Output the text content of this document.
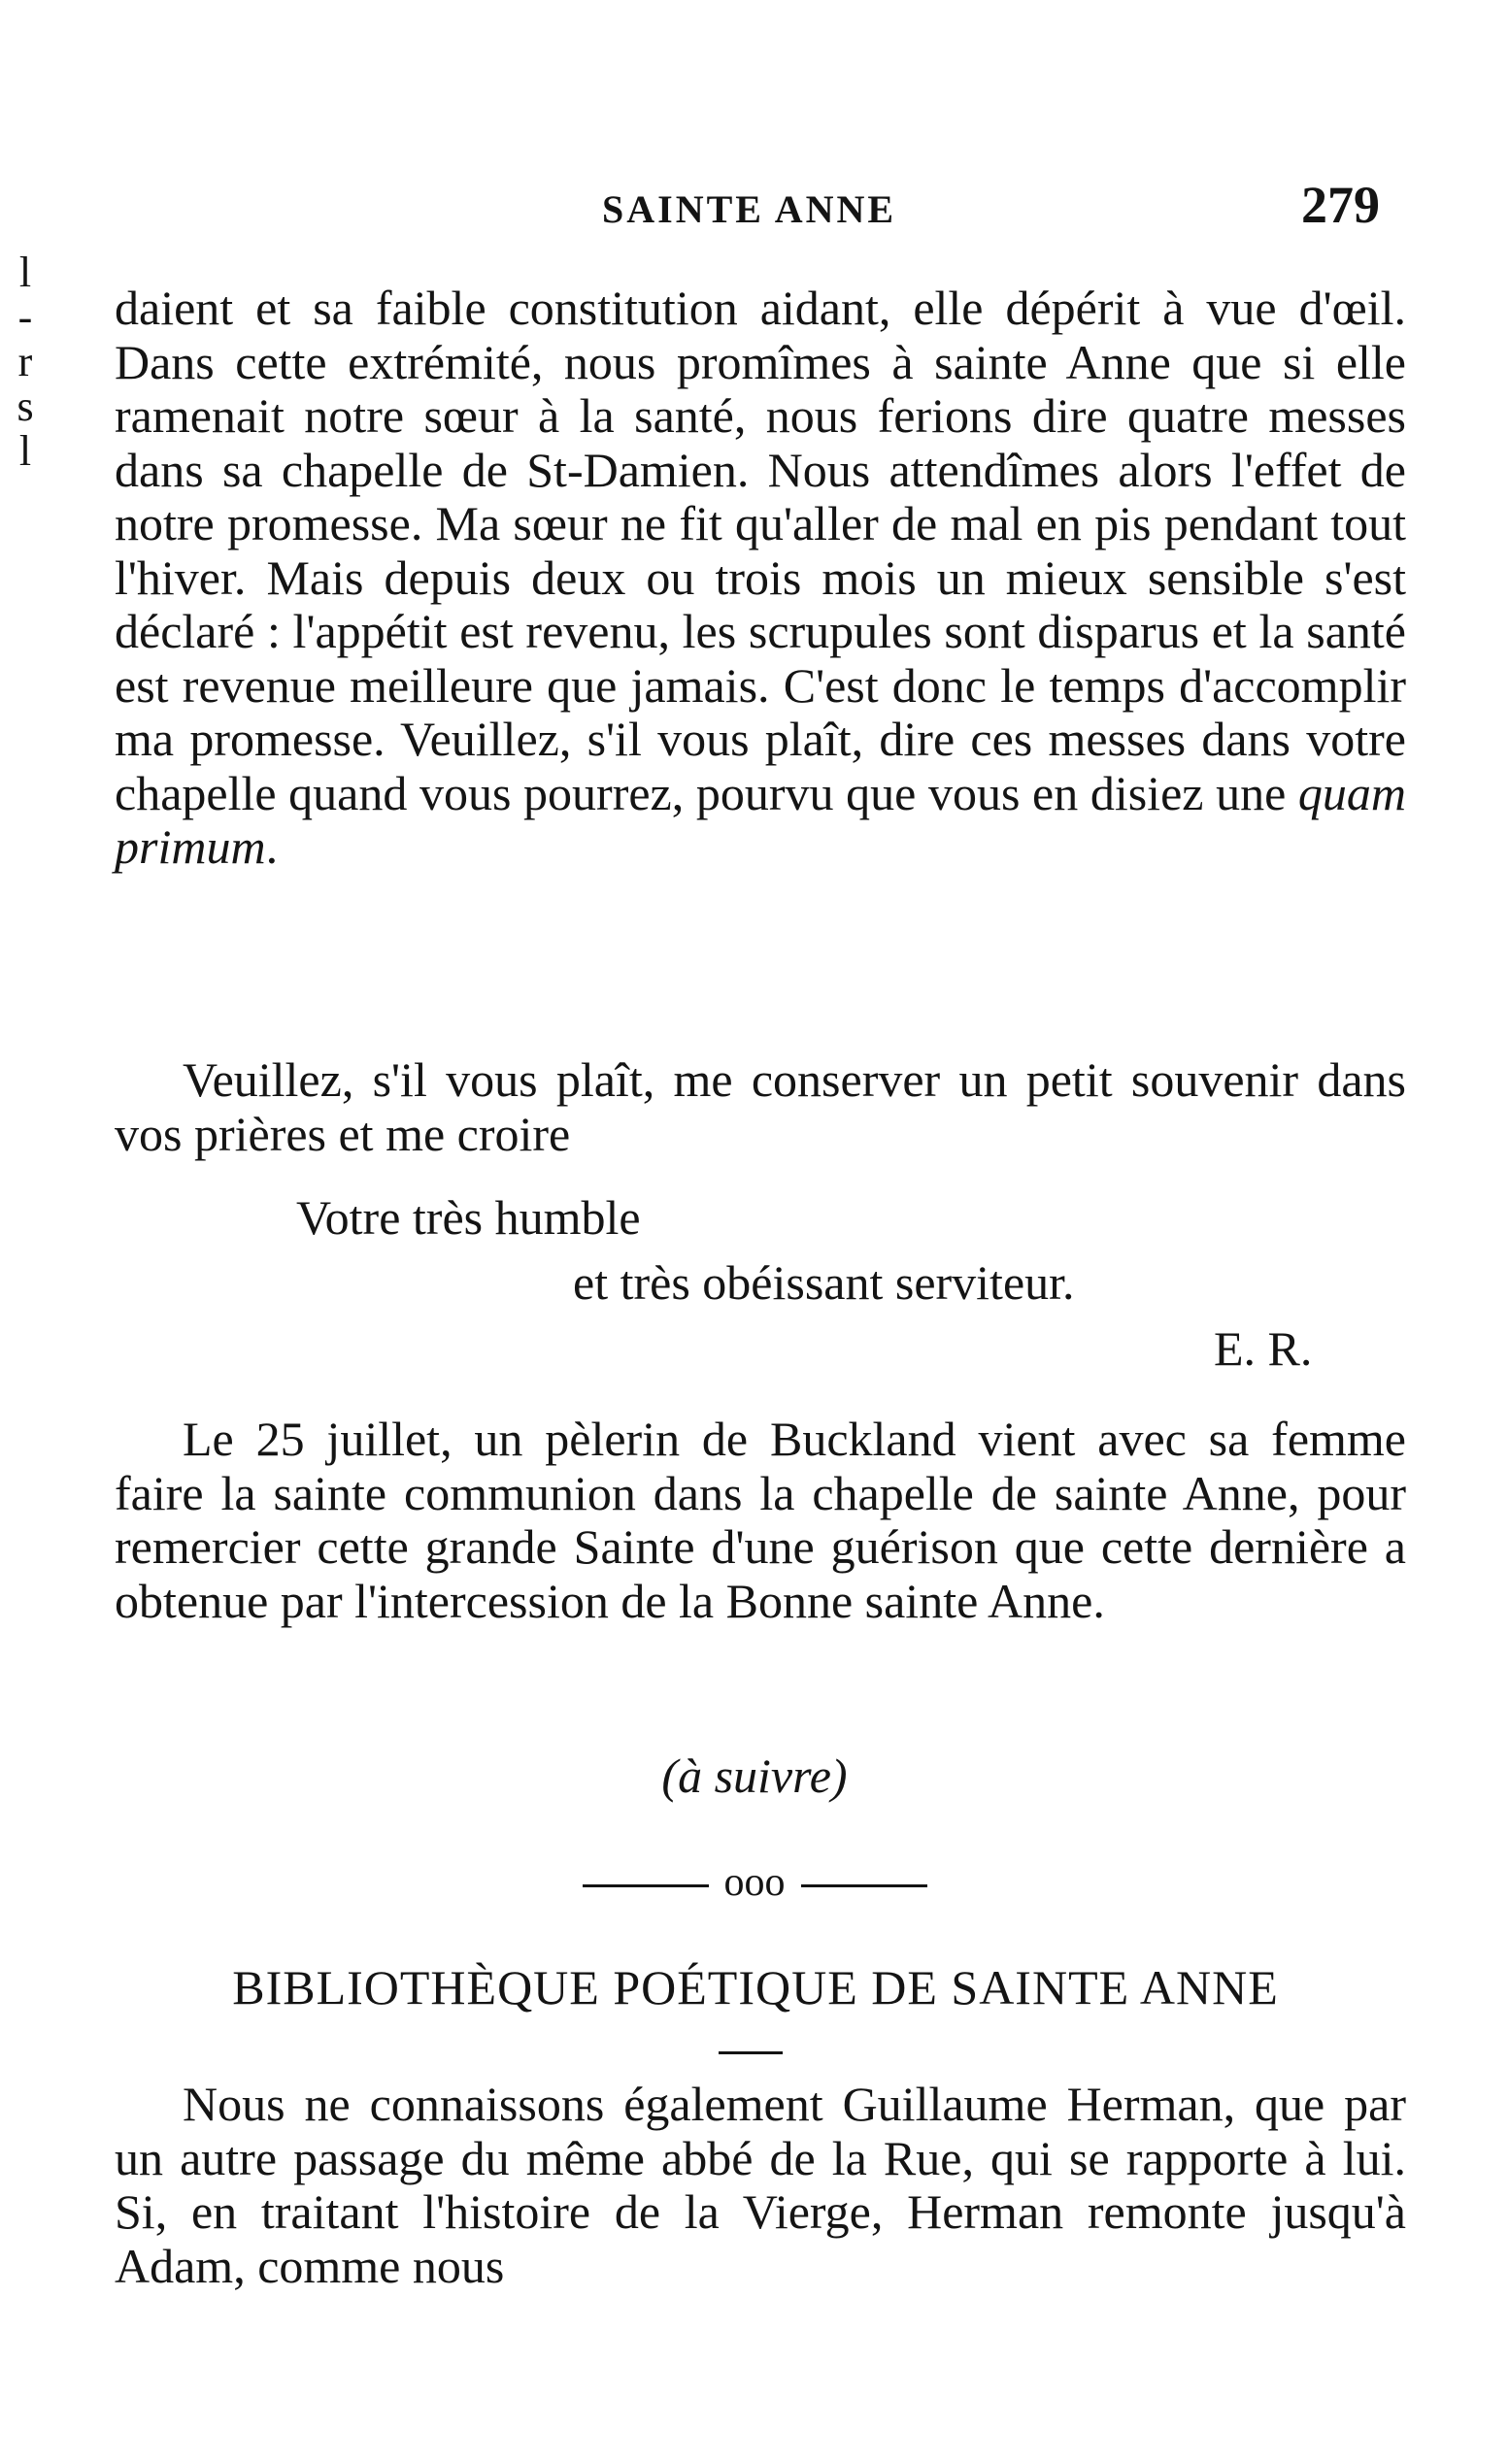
l
-
r
s
l
SAINTE ANNE	279

daient et sa faible constitution aidant, elle dépérit à vue d'œil. Dans cette extrémité, nous promîmes à sainte Anne que si elle ramenait notre sœur à la santé, nous ferions dire quatre messes dans sa chapelle de St-Damien. Nous attendîmes alors l'effet de notre promesse. Ma sœur ne fit qu'aller de mal en pis pendant tout l'hiver. Mais depuis deux ou trois mois un mieux sensible s'est déclaré : l'appétit est revenu, les scrupules sont disparus et la santé est revenue meilleure que jamais. C'est donc le temps d'accomplir ma promesse. Veuillez, s'il vous plaît, dire ces messes dans votre chapelle quand vous pourrez, pourvu que vous en disiez une quam primum.

Veuillez, s'il vous plaît, me conserver un petit souvenir dans vos prières et me croire

Votre très humble
et très obéissant serviteur.
E. R.

Le 25 juillet, un pèlerin de Buckland vient avec sa femme faire la sainte communion dans la chapelle de sainte Anne, pour remercier cette grande Sainte d'une guérison que cette dernière a obtenue par l'intercession de la Bonne sainte Anne.

(à suivre)
ooo
BIBLIOTHÈQUE POÉTIQUE DE SAINTE ANNE

Nous ne connaissons également Guillaume Herman, que par un autre passage du même abbé de la Rue, qui se rapporte à lui. Si, en traitant l'histoire de la Vierge, Herman remonte jusqu'à Adam, comme nous
